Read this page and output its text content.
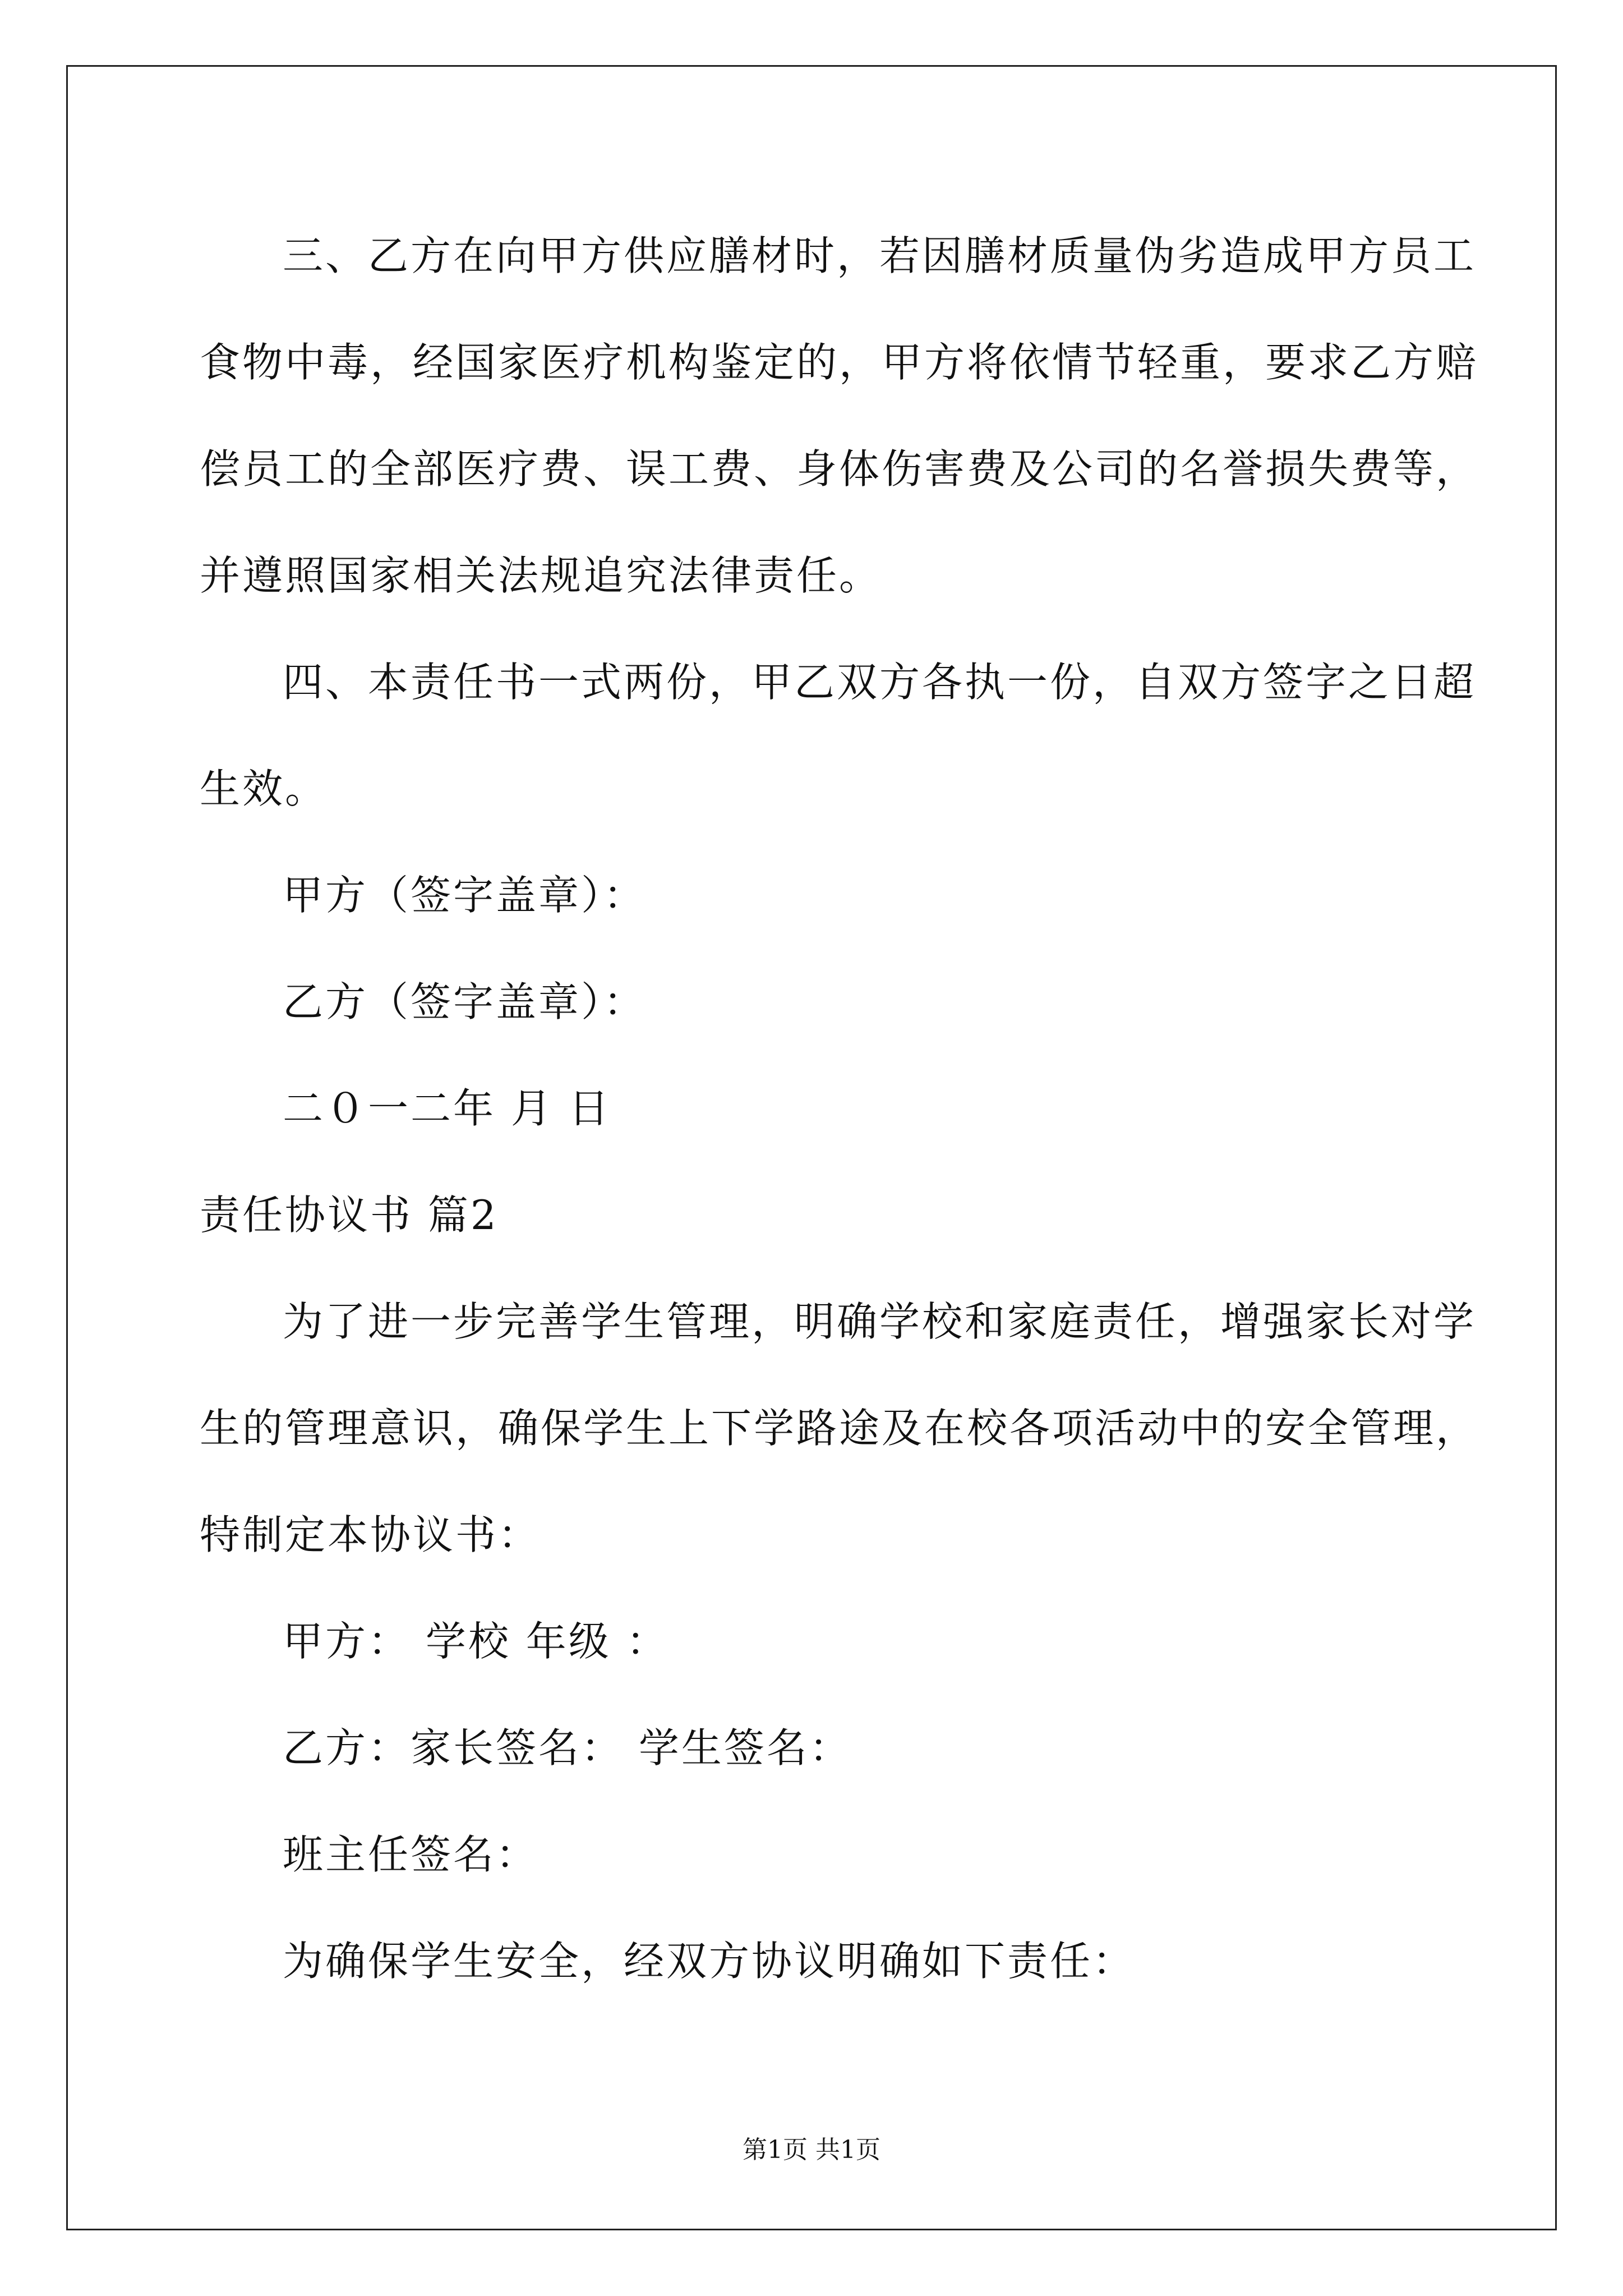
三、乙方在向甲方供应膳材时，若因膳材质量伪劣造成甲方员工
食物中毒，经国家医疗机构鉴定的，甲方将依情节轻重，要求乙方赔
偿员工的全部医疗费、误工费、身体伤害费及公司的名誉损失费等，
并遵照国家相关法规追究法律责任。
四、本责任书一式两份，甲乙双方各执一份，自双方签字之日超
生效。
甲方（签字盖章）：
乙方（签字盖章）：
二０一二年 月 日
责任协议书 篇2
为了进一步完善学生管理，明确学校和家庭责任，增强家长对学
生的管理意识，确保学生上下学路途及在校各项活动中的安全管理，
特制定本协议书：
甲方： 学校 年级 ：
乙方：家长签名： 学生签名：
班主任签名：
为确保学生安全，经双方协议明确如下责任：
第1页 共1页
